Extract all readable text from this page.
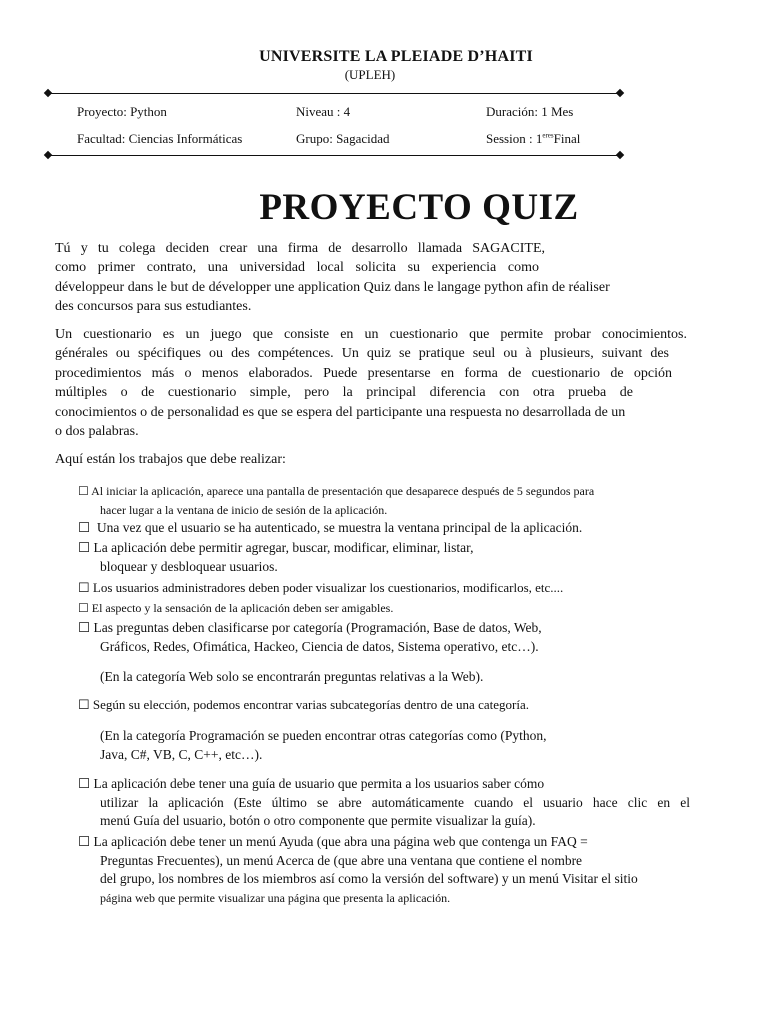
UNIVERSITE LA PLEIADE D’HAITI

(UPLEH)

Proyecto: Python	Niveau : 4	Duración: 1 Mes
Facultad: Ciencias Informáticas	Grupo: Sagacidad	Session : $1^{eres}Final$
PROYECTO QUIZ
Tú y tu colega deciden crear una firma de desarrollo llamada SAGACITE,
como primer contrato, una universidad local solicita su experiencia como
développeur dans le but de développer une application Quiz dans le langage python afin de réaliser
des concursos para sus estudiantes.
Un cuestionario es un juego que consiste en un cuestionario que permite probar conocimientos.
générales ou spécifiques ou des compétences. Un quiz se pratique seul ou à plusieurs, suivant des
procedimientos más o menos elaborados. Puede presentarse en forma de cuestionario de opción
múltiples o de cuestionario simple, pero la principal diferencia con otra prueba de
conocimientos o de personalidad es que se espera del participante una respuesta no desarrollada de un
o dos palabras.

Aquí están los trabajos que debe realizar:

☐ Al iniciar la aplicación, aparece una pantalla de presentación que desaparece después de 5 segundos para
hacer lugar a la ventana de inicio de sesión de la aplicación.
☐ Una vez que el usuario se ha autenticado, se muestra la ventana principal de la aplicación.
☐ La aplicación debe permitir agregar, buscar, modificar, eliminar, listar,
bloquear y desbloquear usuarios.
☐ Los usuarios administradores deben poder visualizar los cuestionarios, modificarlos, etc....
☐ El aspecto y la sensación de la aplicación deben ser amigables.
☐ Las preguntas deben clasificarse por categoría (Programación, Base de datos, Web,
Gráficos, Redes, Ofimática, Hackeo, Ciencia de datos, Sistema operativo, etc…).
(En la categoría Web solo se encontrarán preguntas relativas a la Web).
☐ Según su elección, podemos encontrar varias subcategorías dentro de una categoría.
(En la categoría Programación se pueden encontrar otras categorías como (Python,
Java, C#, VB, C, C++, etc…).
☐ La aplicación debe tener una guía de usuario que permita a los usuarios saber cómo
utilizar la aplicación (Este último se abre automáticamente cuando el usuario hace clic en el
menú Guía del usuario, botón o otro componente que permite visualizar la guía).
☐ La aplicación debe tener un menú Ayuda (que abra una página web que contenga un FAQ =
Preguntas Frecuentes), un menú Acerca de (que abre una ventana que contiene el nombre
del grupo, los nombres de los miembros así como la versión del software) y un menú Visitar el sitio
página web que permite visualizar una página que presenta la aplicación.
